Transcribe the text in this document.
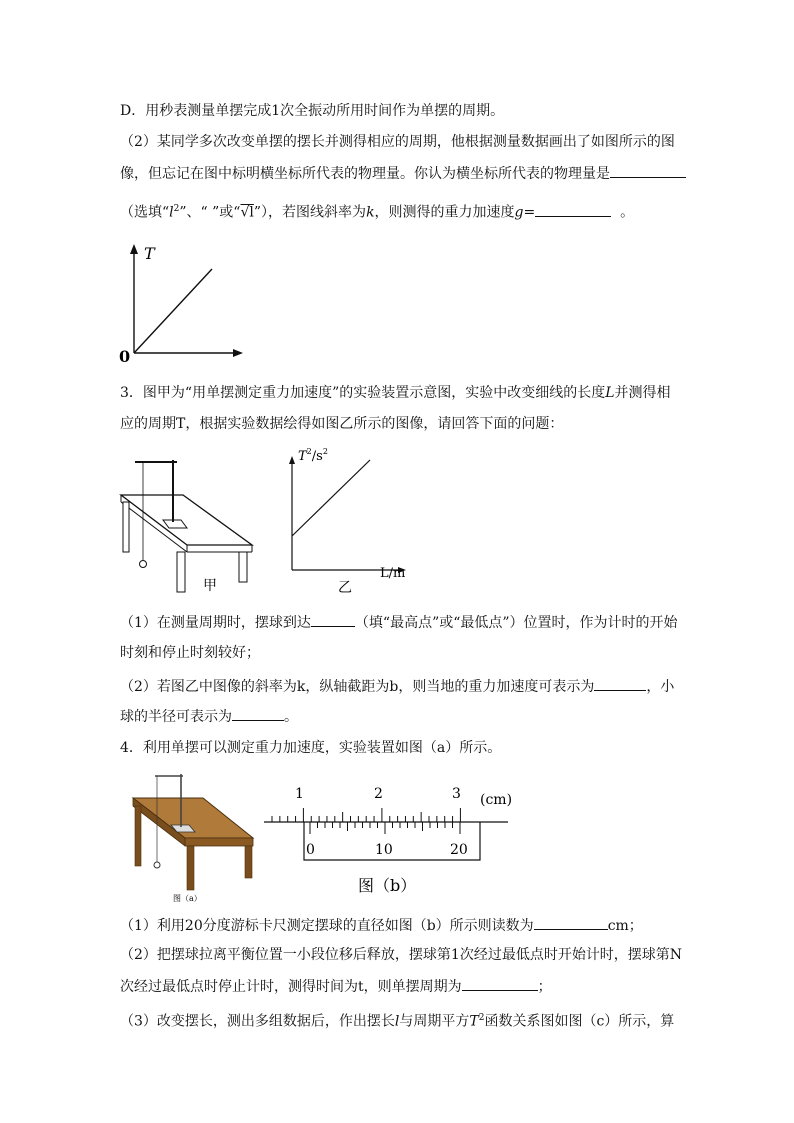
D．用秒表测量单摆完成1次全振动所用时间作为单摆的周期。
（2）某同学多次改变单摆的摆长并测得相应的周期，他根据测量数据画出了如图所示的图
像，但忘记在图中标明横坐标所代表的物理量。你认为横坐标所代表的物理量是
（选填“$l^2$”、“ ”或“√l”），若图线斜率为k，则测得的重力加速度g=	。
T
0
3．图甲为“用单摆测定重力加速度”的实验装置示意图，实验中改变细线的长度L并测得相
应的周期T，根据实验数据绘得如图乙所示的图像，请回答下面的问题：
甲
$T^2/s^2$
L/m
乙
（1）在测量周期时，摆球到达	（填“最高点”或“最低点”）位置时，作为计时的开始
时刻和停止时刻较好；
（2）若图乙中图像的斜率为k，纵轴截距为b，则当地的重力加速度可表示为	，小
球的半径可表示为	。
4．利用单摆可以测定重力加速度，实验装置如图（a）所示。
图（a）
1	2	3 (cm)
0	10	20
图（b）
（1）利用20分度游标卡尺测定摆球的直径如图（b）所示则读数为	cm；
（2）把摆球拉离平衡位置一小段位移后释放，摆球第1次经过最低点时开始计时，摆球第N
次经过最低点时停止计时，测得时间为t，则单摆周期为	；
（3）改变摆长，测出多组数据后，作出摆长l与周期平方$T^2$函数关系图如图（c）所示，算
